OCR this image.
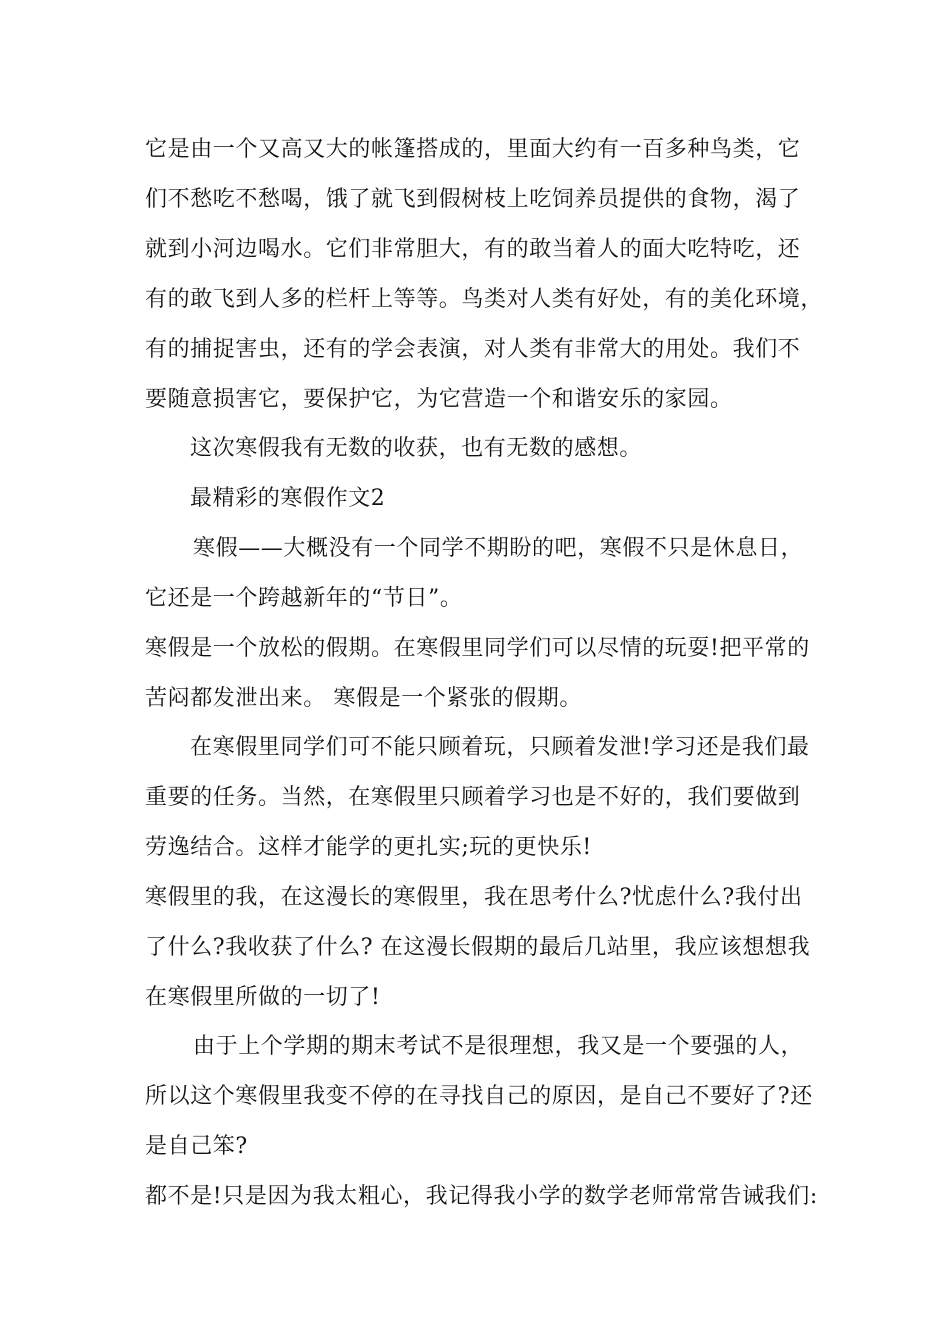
它是由一个又高又大的帐篷搭成的，里面大约有一百多种鸟类，它
们不愁吃不愁喝，饿了就飞到假树枝上吃饲养员提供的食物，渴了
就到小河边喝水。它们非常胆大，有的敢当着人的面大吃特吃，还
有的敢飞到人多的栏杆上等等。鸟类对人类有好处，有的美化环境，
有的捕捉害虫，还有的学会表演，对人类有非常大的用处。我们不
要随意损害它，要保护它，为它营造一个和谐安乐的家园。
这次寒假我有无数的收获，也有无数的感想。
最精彩的寒假作文2
寒假——大概没有一个同学不期盼的吧，寒假不只是休息日，
它还是一个跨越新年的“节日”。
寒假是一个放松的假期。在寒假里同学们可以尽情的玩耍!把平常的
苦闷都发泄出来。 寒假是一个紧张的假期。
在寒假里同学们可不能只顾着玩，只顾着发泄!学习还是我们最
重要的任务。当然，在寒假里只顾着学习也是不好的，我们要做到
劳逸结合。这样才能学的更扎实;玩的更快乐!
寒假里的我，在这漫长的寒假里，我在思考什么?忧虑什么?我付出
了什么?我收获了什么? 在这漫长假期的最后几站里，我应该想想我
在寒假里所做的一切了!
由于上个学期的期末考试不是很理想，我又是一个要强的人，
所以这个寒假里我变不停的在寻找自己的原因，是自己不要好了?还
是自己笨?
都不是!只是因为我太粗心，我记得我小学的数学老师常常告诫我们:
